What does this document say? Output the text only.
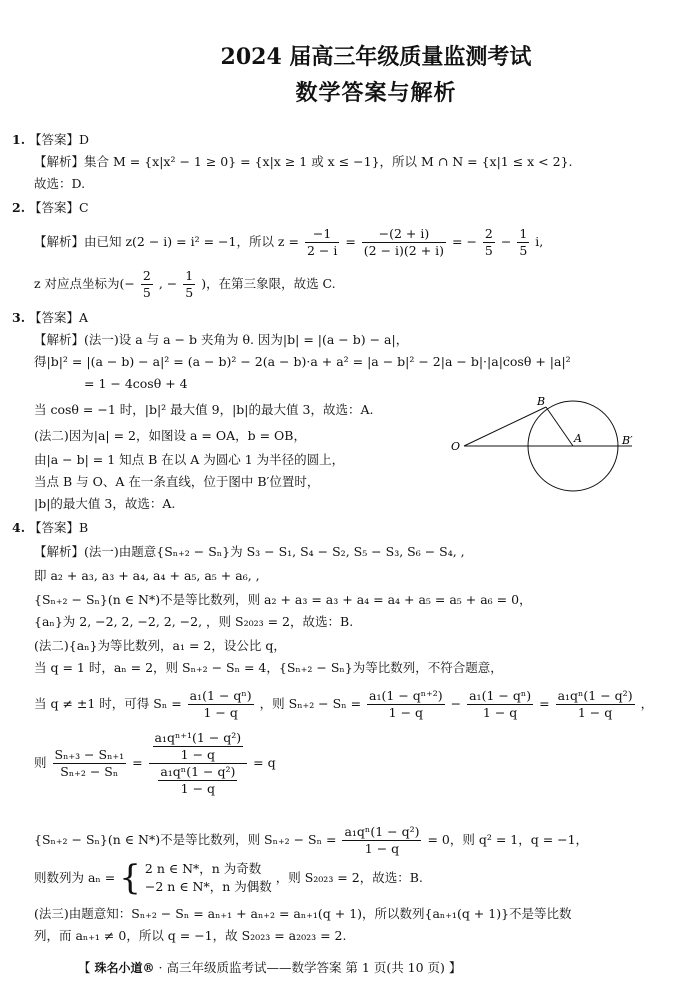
2024 届高三年级质量监测考试
数学答案与解析
1. 【答案】D
【解析】集合 M = {x|x² − 1 ≥ 0} = {x|x ≥ 1 或 x ≤ −1}，所以 M ∩ N = {x|1 ≤ x < 2}.
故选：D.
2. 【答案】C
【解析】由已知 z(2 − i) = i² = −1，所以 $z = \frac{-1}{2 - i} = \frac{-(2 + i)}{(2 - i)(2 + i)}$ = − $\frac{2}{5} - \frac{1}{5} i$,
z 对应点坐标为(− $\frac{2}{5}$ , − $\frac{1}{5}$ )，在第三象限，故选 C.
3. 【答案】A
【解析】(法一)设 a 与 a − b 夹角为 θ. 因为|b| = |(a − b) − a|，
得|b|² = |(a − b) − a|² = (a − b)² − 2(a − b)·a + a² = |a − b|² − 2|a − b|·|a|cosθ + |a|²
= 1 − 4cosθ + 4
当 cosθ = −1 时，|b|² 最大值 9，|b|的最大值 3，故选：A.
(法二)因为|a| = 2，如图设 a = OA，b = OB，
由|a − b| = 1 知点 B 在以 A 为圆心 1 为半径的圆上，
当点 B 与 O、A 在一条直线，位于图中 B′位置时，
|b|的最大值 3，故选：A.
O
A
B
B′
4. 【答案】B
【解析】(法一)由题意{Sₙ₊₂ − Sₙ}为 S₃ − S₁, S₄ − S₂, S₅ − S₃, S₆ − S₄, ,
即 a₂ + a₃, a₃ + a₄, a₄ + a₅, a₅ + a₆, ,
{Sₙ₊₂ − Sₙ}(n ∈ N*)不是等比数列，则 a₂ + a₃ = a₃ + a₄ = a₄ + a₅ = a₅ + a₆ = 0，
{aₙ}为 2, −2, 2, −2, 2, −2, ，则 S₂₀₂₃ = 2，故选：B.
(法二){aₙ}为等比数列，a₁ = 2，设公比 q，
当 q = 1 时，aₙ = 2，则 Sₙ₊₂ − Sₙ = 4，{Sₙ₊₂ − Sₙ}为等比数列，不符合题意，
当 q ≠ ±1 时，可得 $S_n = \frac{\text{a₁(1 − qⁿ)}}{1 - q}$ ，则 $S_{n+2} - S_n = \frac{\text{a₁(1 − qⁿ⁺²)}}{1 - q} - \frac{\text{a₁(1 − qⁿ)}}{1 - q} = \frac{\text{a₁qⁿ(1 − q²)}}{1 - q}$ ，
则 $\frac{\text{Sₙ₊₃ − Sₙ₊₁}}{\text{Sₙ₊₂ − Sₙ}} = \frac{\frac{\text{a₁qⁿ⁺¹(1 − q²)}}{1 - q}}{\frac{\text{a₁qⁿ(1 − q²)}}{1 - q}} = q$
{Sₙ₊₂ − Sₙ}(n ∈ N*)不是等比数列，则 $S_{n+2} - S_n = \frac{\text{a₁qⁿ(1 − q²)}}{1 - q} = 0$，则 q² = 1，q = −1，
则数列为 aₙ = { 2 n ∈ N*，n 为奇数
−2 n ∈ N*，n 为偶数
，则 S₂₀₂₃ = 2，故选：B.
(法三)由题意知：Sₙ₊₂ − Sₙ = aₙ₊₁ + aₙ₊₂ = aₙ₊₁(q + 1)，所以数列{aₙ₊₁(q + 1)}不是等比数
列，而 aₙ₊₁ ≠ 0，所以 q = −1，故 S₂₀₂₃ = a₂₀₂₃ = 2.
【 珠名小道® · 高三年级质监考试——数学答案 第 1 页(共 10 页) 】
